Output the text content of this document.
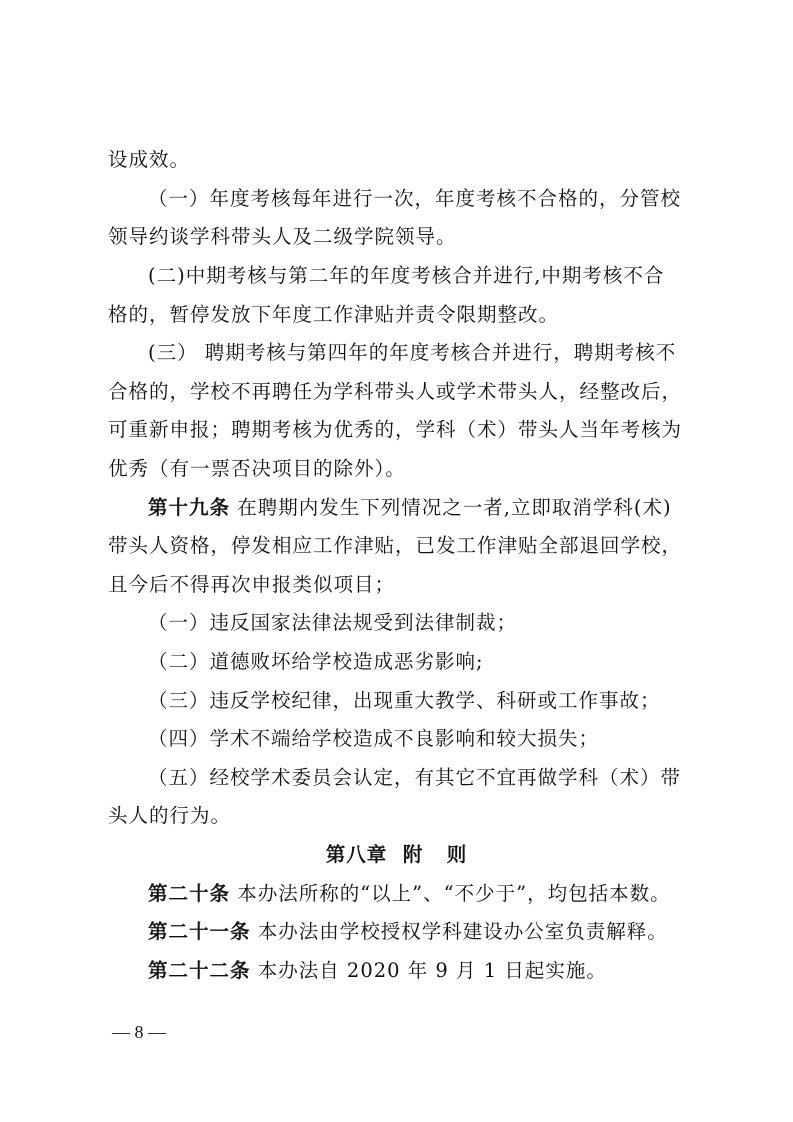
设成效。
（一）年度考核每年进行一次，年度考核不合格的，分管校
领导约谈学科带头人及二级学院领导。
(二)中期考核与第二年的年度考核合并进行,中期考核不合
格的，暂停发放下年度工作津贴并责令限期整改。
(三） 聘期考核与第四年的年度考核合并进行，聘期考核不
合格的，学校不再聘任为学科带头人或学术带头人，经整改后，
可重新申报；聘期考核为优秀的，学科（术）带头人当年考核为
优秀（有一票否决项目的除外）。
第十九条 在聘期内发生下列情况之一者,立即取消学科(术)
带头人资格，停发相应工作津贴，已发工作津贴全部退回学校，
且今后不得再次申报类似项目；
（一）违反国家法律法规受到法律制裁；
（二）道德败坏给学校造成恶劣影响;
（三）违反学校纪律，出现重大教学、科研或工作事故；
（四）学术不端给学校造成不良影响和较大损失；
（五）经校学术委员会认定，有其它不宜再做学科（术）带
头人的行为。
第八章  附   则
第二十条 本办法所称的“以上”、“不少于”，均包括本数。
第二十一条 本办法由学校授权学科建设办公室负责解释。
第二十二条 本办法自 2020 年 9 月 1 日起实施。
— 8 —
